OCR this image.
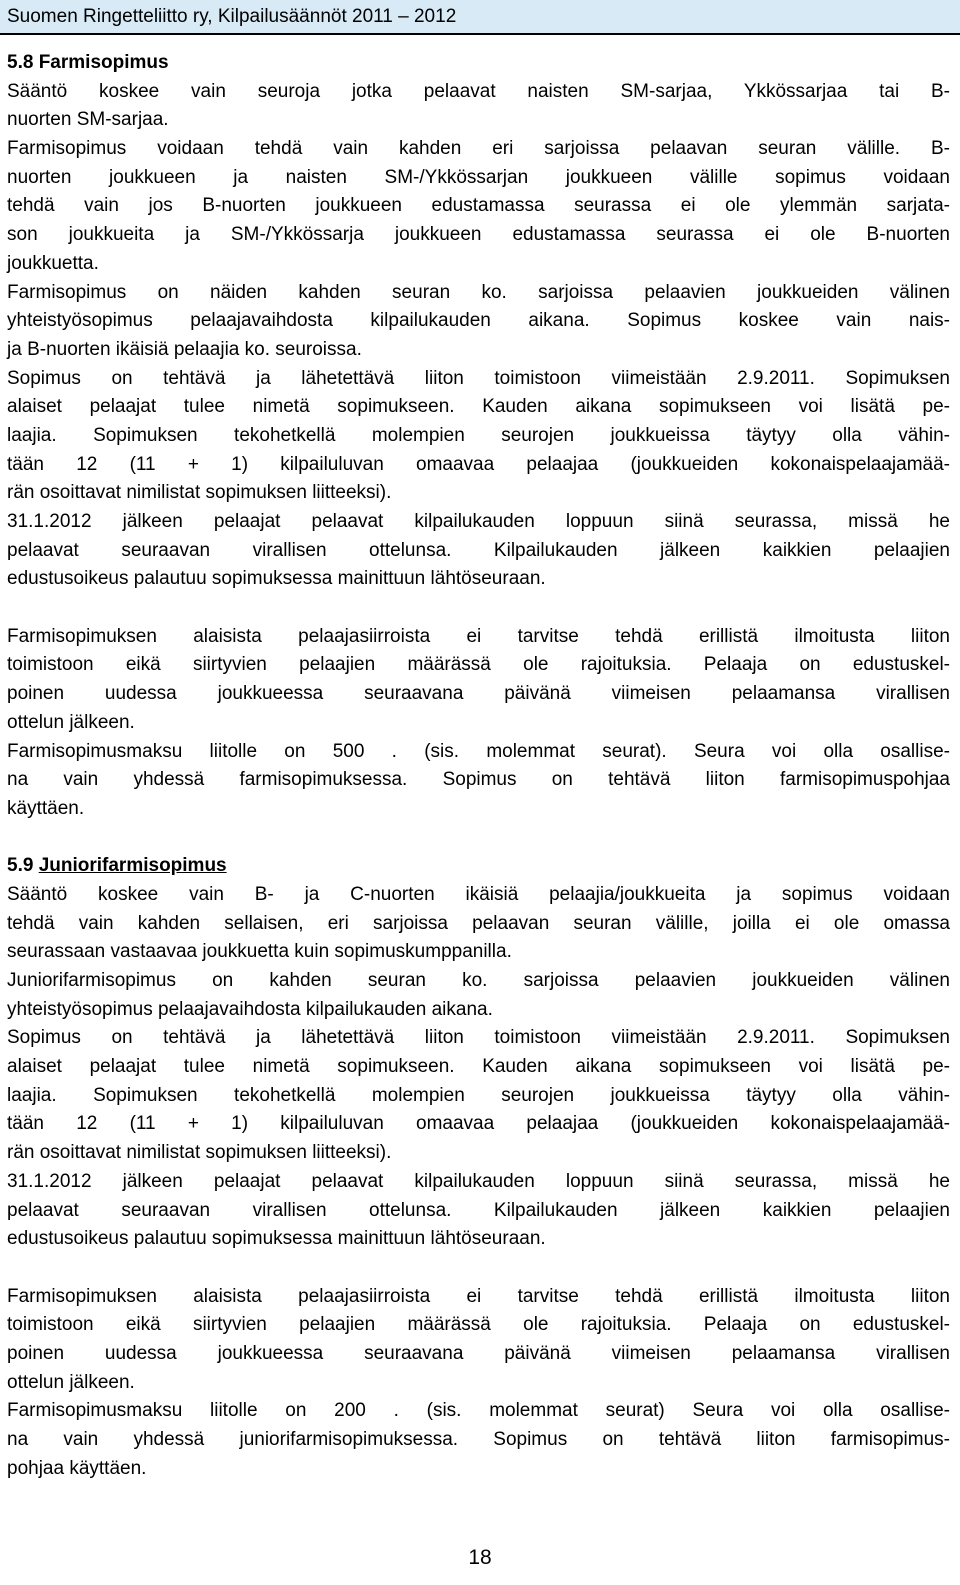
Suomen Ringetteliitto ry, Kilpailusäännöt 2011 – 2012
5.8 Farmisopimus
Sääntö koskee vain seuroja jotka pelaavat naisten SM-sarjaa, Ykkössarjaa tai B-
nuorten SM-sarjaa.
Farmisopimus voidaan tehdä vain kahden eri sarjoissa pelaavan seuran välille. B-
nuorten joukkueen ja naisten SM-/Ykkössarjan joukkueen välille sopimus voidaan
tehdä vain jos B-nuorten joukkueen edustamassa seurassa ei ole ylemmän sarjata-
son joukkueita ja SM-/Ykkössarja joukkueen edustamassa seurassa ei ole B-nuorten
joukkuetta.
Farmisopimus on näiden kahden seuran ko. sarjoissa pelaavien joukkueiden välinen
yhteistyösopimus pelaajavaihdosta kilpailukauden aikana. Sopimus koskee vain nais-
ja B-nuorten ikäisiä pelaajia ko. seuroissa.
Sopimus on tehtävä ja lähetettävä liiton toimistoon viimeistään 2.9.2011. Sopimuksen
alaiset pelaajat tulee nimetä sopimukseen. Kauden aikana sopimukseen voi lisätä pe-
laajia. Sopimuksen tekohetkellä molempien seurojen joukkueissa täytyy olla vähin-
tään 12 (11 + 1) kilpailuluvan omaavaa pelaajaa (joukkueiden kokonaispelaajamää-
rän osoittavat nimilistat sopimuksen liitteeksi).
31.1.2012 jälkeen pelaajat pelaavat kilpailukauden loppuun siinä seurassa, missä he
pelaavat seuraavan virallisen ottelunsa. Kilpailukauden jälkeen kaikkien pelaajien
edustusoikeus palautuu sopimuksessa mainittuun lähtöseuraan.
Farmisopimuksen alaisista pelaajasiirroista ei tarvitse tehdä erillistä ilmoitusta liiton
toimistoon eikä siirtyvien pelaajien määrässä ole rajoituksia. Pelaaja on edustuskel-
poinen uudessa joukkueessa seuraavana päivänä viimeisen pelaamansa virallisen
ottelun jälkeen.
Farmisopimusmaksu liitolle on 500 . (sis. molemmat seurat). Seura voi olla osallise-
na vain yhdessä farmisopimuksessa. Sopimus on tehtävä liiton farmisopimuspohjaa
käyttäen.
5.9 Juniorifarmisopimus
Sääntö koskee vain B- ja C-nuorten ikäisiä pelaajia/joukkueita ja sopimus voidaan
tehdä vain kahden sellaisen, eri sarjoissa pelaavan seuran välille, joilla ei ole omassa
seurassaan vastaavaa joukkuetta kuin sopimuskumppanilla.
Juniorifarmisopimus on kahden seuran ko. sarjoissa pelaavien joukkueiden välinen
yhteistyösopimus pelaajavaihdosta kilpailukauden aikana.
Sopimus on tehtävä ja lähetettävä liiton toimistoon viimeistään 2.9.2011. Sopimuksen
alaiset pelaajat tulee nimetä sopimukseen. Kauden aikana sopimukseen voi lisätä pe-
laajia. Sopimuksen tekohetkellä molempien seurojen joukkueissa täytyy olla vähin-
tään 12 (11 + 1) kilpailuluvan omaavaa pelaajaa (joukkueiden kokonaispelaajamää-
rän osoittavat nimilistat sopimuksen liitteeksi).
31.1.2012 jälkeen pelaajat pelaavat kilpailukauden loppuun siinä seurassa, missä he
pelaavat seuraavan virallisen ottelunsa. Kilpailukauden jälkeen kaikkien pelaajien
edustusoikeus palautuu sopimuksessa mainittuun lähtöseuraan.
Farmisopimuksen alaisista pelaajasiirroista ei tarvitse tehdä erillistä ilmoitusta liiton
toimistoon eikä siirtyvien pelaajien määrässä ole rajoituksia. Pelaaja on edustuskel-
poinen uudessa joukkueessa seuraavana päivänä viimeisen pelaamansa virallisen
ottelun jälkeen.
Farmisopimusmaksu liitolle on 200 . (sis. molemmat seurat) Seura voi olla osallise-
na vain yhdessä juniorifarmisopimuksessa. Sopimus on tehtävä liiton farmisopimus-
pohjaa käyttäen.
18
